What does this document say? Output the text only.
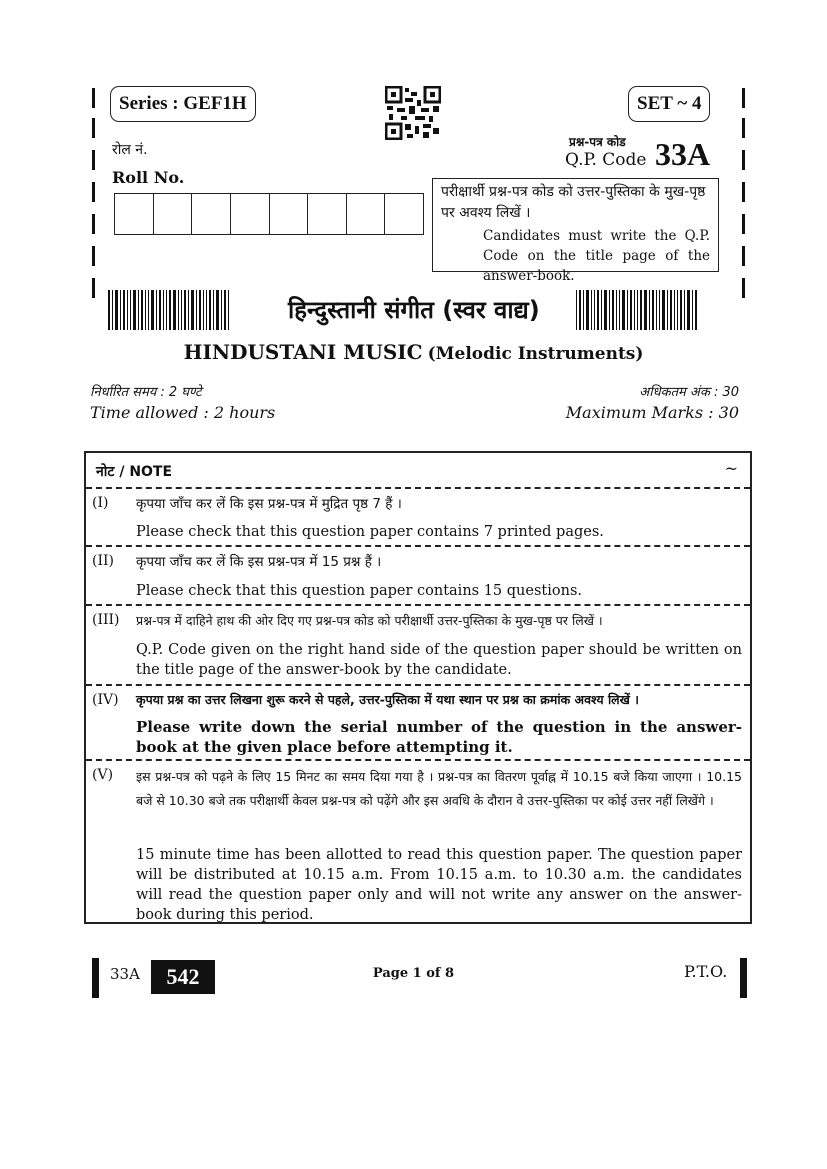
Series : GEF1H	SET ~ 4
रोल नं.
Roll No.
प्रश्न-पत्र कोड
Q.P. Code 33A
परीक्षार्थी प्रश्न-पत्र कोड को उत्तर-पुस्तिका के मुख-पृष्ठ पर अवश्य लिखें ।
Candidates must write the Q.P. Code on the title page of the answer-book.
हिन्दुस्तानी संगीत (स्वर वाद्य)
HINDUSTANI MUSIC (Melodic Instruments)
निर्धारित समय : 2 घण्टे
Time allowed : 2 hours
अधिकतम अंक : 30
Maximum Marks : 30
नोट / NOTE	~
(I) कृपया जाँच कर लें कि इस प्रश्न-पत्र में मुद्रित पृष्ठ 7 हैं ।
Please check that this question paper contains 7 printed pages.
(II) कृपया जाँच कर लें कि इस प्रश्न-पत्र में 15 प्रश्न हैं ।
Please check that this question paper contains 15 questions.
(III) प्रश्न-पत्र में दाहिने हाथ की ओर दिए गए प्रश्न-पत्र कोड को परीक्षार्थी उत्तर-पुस्तिका के मुख-पृष्ठ पर लिखें ।
Q.P. Code given on the right hand side of the question paper should be written on the title page of the answer-book by the candidate.
(IV) कृपया प्रश्न का उत्तर लिखना शुरू करने से पहले, उत्तर-पुस्तिका में यथा स्थान पर प्रश्न का क्रमांक अवश्य लिखें ।
Please write down the serial number of the question in the answer-book at the given place before attempting it.
(V) इस प्रश्न-पत्र को पढ़ने के लिए 15 मिनट का समय दिया गया है । प्रश्न-पत्र का वितरण पूर्वाह्न में 10.15 बजे किया जाएगा । 10.15 बजे से 10.30 बजे तक परीक्षार्थी केवल प्रश्न-पत्र को पढ़ेंगे और इस अवधि के दौरान वे उत्तर-पुस्तिका पर कोई उत्तर नहीं लिखेंगे ।
15 minute time has been allotted to read this question paper. The question paper will be distributed at 10.15 a.m. From 10.15 a.m. to 10.30 a.m. the candidates will read the question paper only and will not write any answer on the answer-book during this period.
33A	542	Page 1 of 8	P.T.O.
